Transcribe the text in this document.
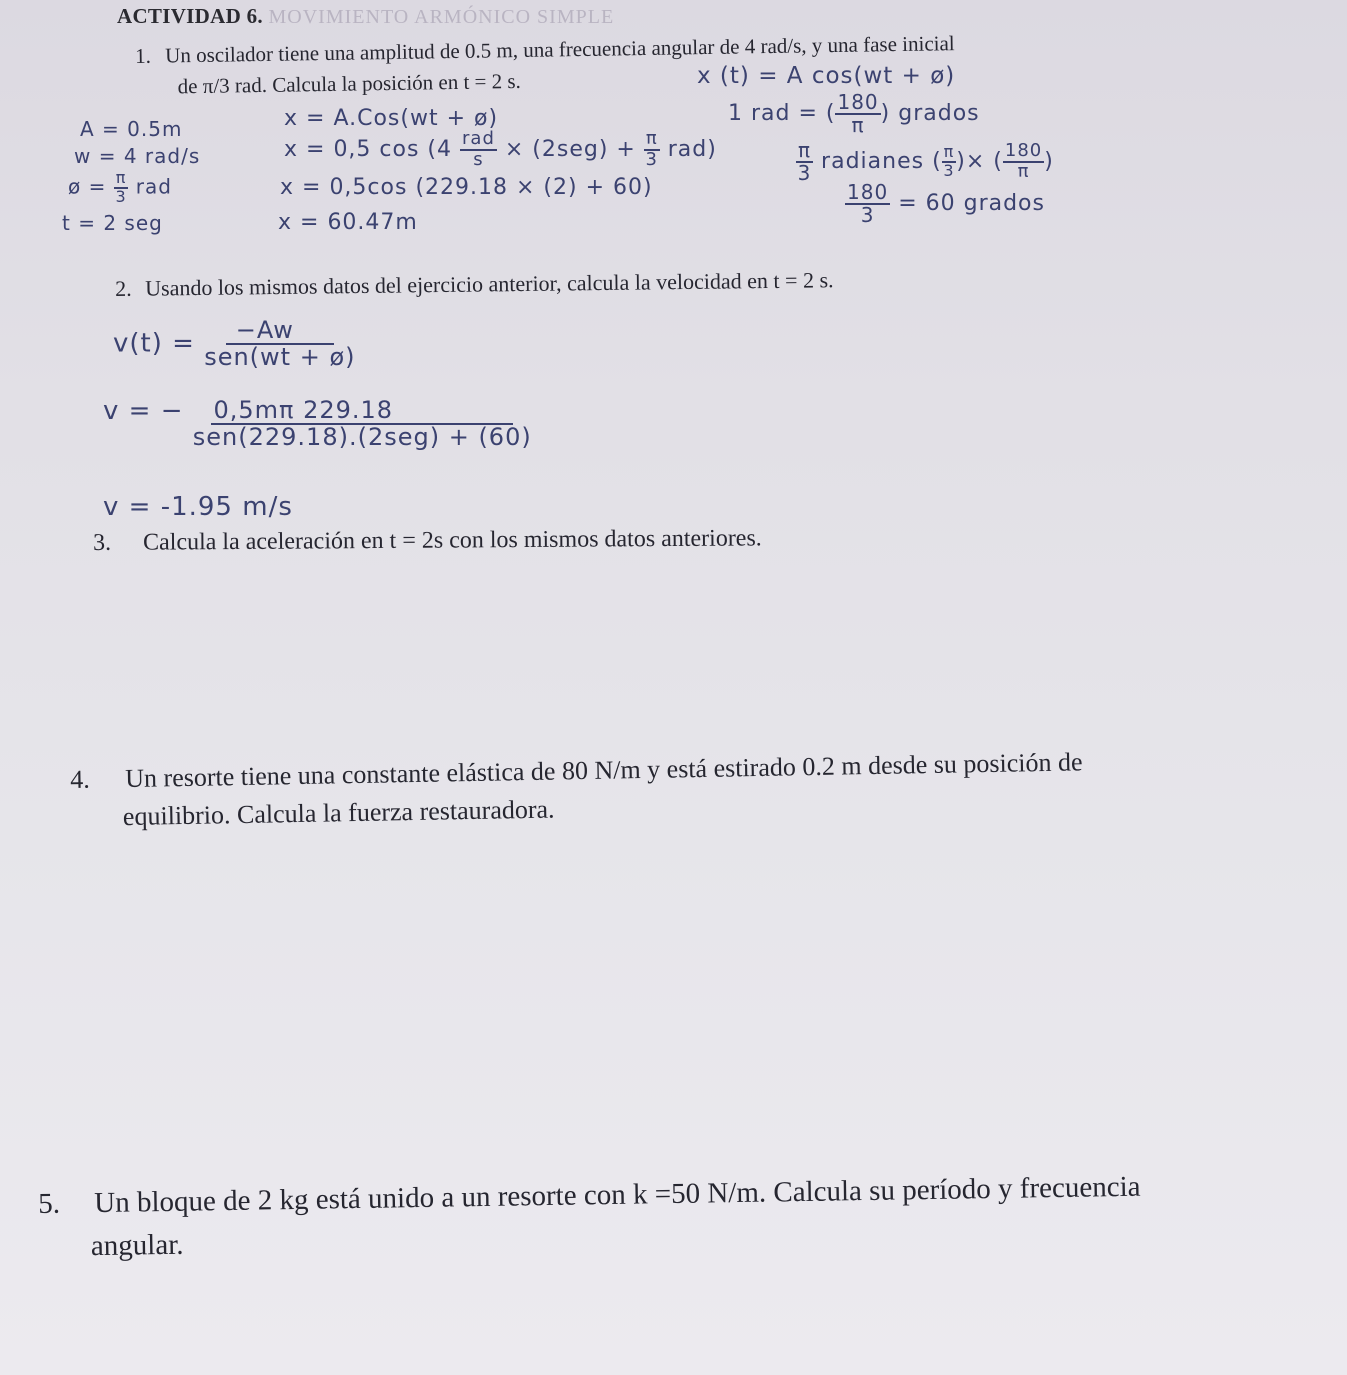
ACTIVIDAD 6. MOVIMIENTO ARMÓNICO SIMPLE
1. Un oscilador tiene una amplitud de 0.5 m, una frecuencia angular de 4 rad/s, y una fase inicial
de π/3 rad. Calcula la posición en t = 2 s.	x (t) = A cos(wt + ø)
A = 0.5m
w = 4 rad/s
ø = $\frac{\pi}{3}$ rad
t = 2 seg
x = A.Cos(wt + ø)
x = 0,5 $\cos (4 \frac{\text{rad}}{s} \times (2seg) + \frac{\pi}{3} rad)$
x = 0,5cos (229.18 × (2) + 60)
x = 60.47m
1 rad = ( $\frac{180}{\pi}$ ) grados
$\frac{\pi}{3}$ radianes ( $\frac{\pi}{3}$ )× ( $\frac{180}{\pi}$ )
$\frac{180}{3} = 60$ grados
2. Usando los mismos datos del ejercicio anterior, calcula la velocidad en t = 2 s.
$v(t) = \frac{-Aw}{\text{sen(wt + ø)}}$
v = − $\frac{0,5m\pi 229.18}{\text{sen(229.18).(2seg) + (60)}}$
v = -1.95 m/s
3. Calcula la aceleración en t = 2s con los mismos datos anteriores.
4. Un resorte tiene una constante elástica de 80 N/m y está estirado 0.2 m desde su posición de
equilibrio. Calcula la fuerza restauradora.
5. Un bloque de 2 kg está unido a un resorte con k =50 N/m. Calcula su período y frecuencia
angular.
